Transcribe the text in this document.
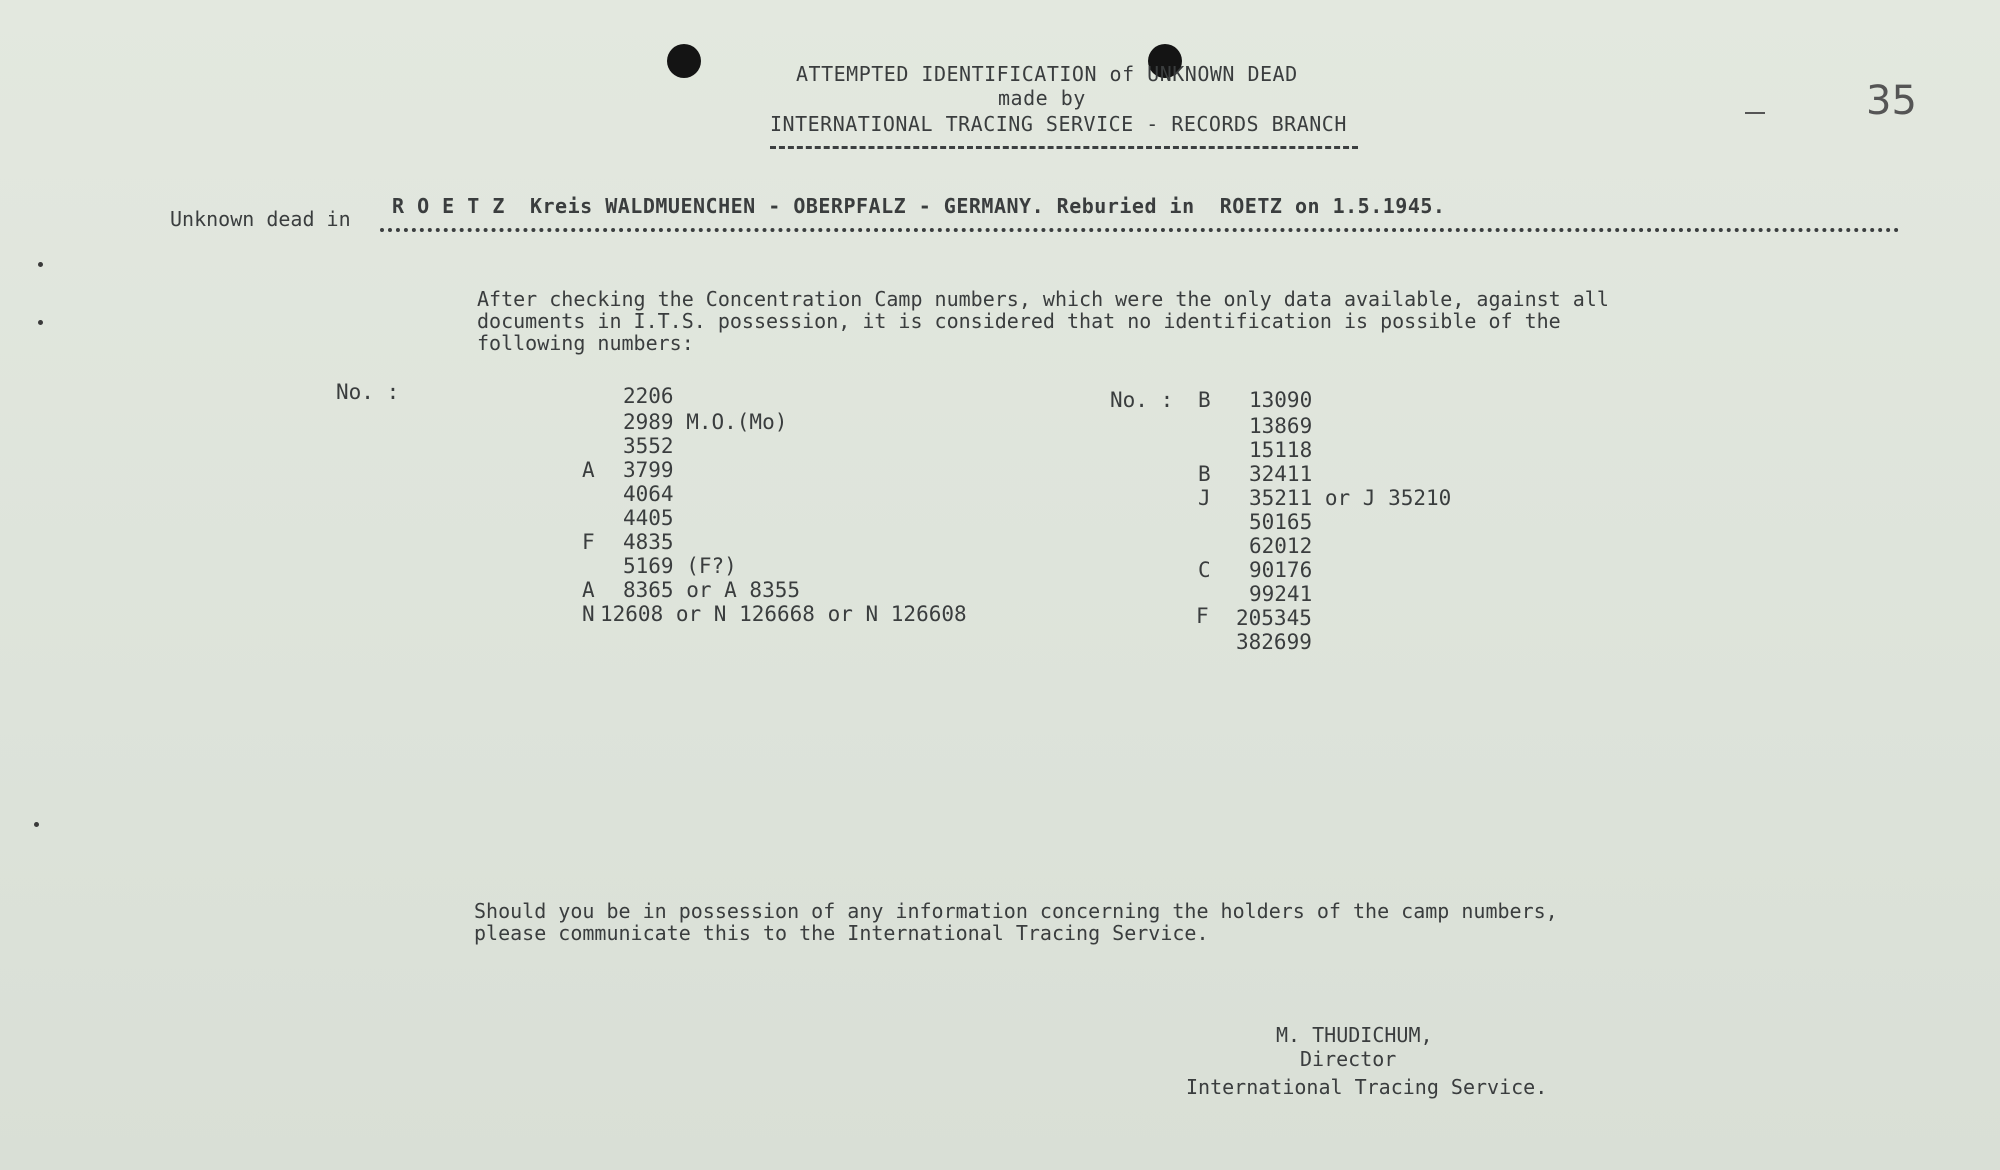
ATTEMPTED IDENTIFICATION of UNKNOWN DEAD
made by
INTERNATIONAL TRACING SERVICE - RECORDS BRANCH	35
Unknown dead in
R O E T Z  Kreis WALDMUENCHEN - OBERPFALZ - GERMANY. Reburied in  ROETZ on 1.5.1945.
After checking the Concentration Camp numbers, which were the only data available, against all
documents in I.T.S. possession, it is considered that no identification is possible of the
following numbers:
No. :	2206
2989 M.O.(Mo)
3552
A 3799
4064
4405
F 4835
5169 (F?)
A 8365 or A 8355
N 12608 or N 126668 or N 126608
No. : B 13090
13869
15118
B 32411
J 35211 or J 35210
50165
62012
C 90176
99241
F 205345
382699
Should you be in possession of any information concerning the holders of the camp numbers,
please communicate this to the International Tracing Service.
M. THUDICHUM,
Director
International Tracing Service.
